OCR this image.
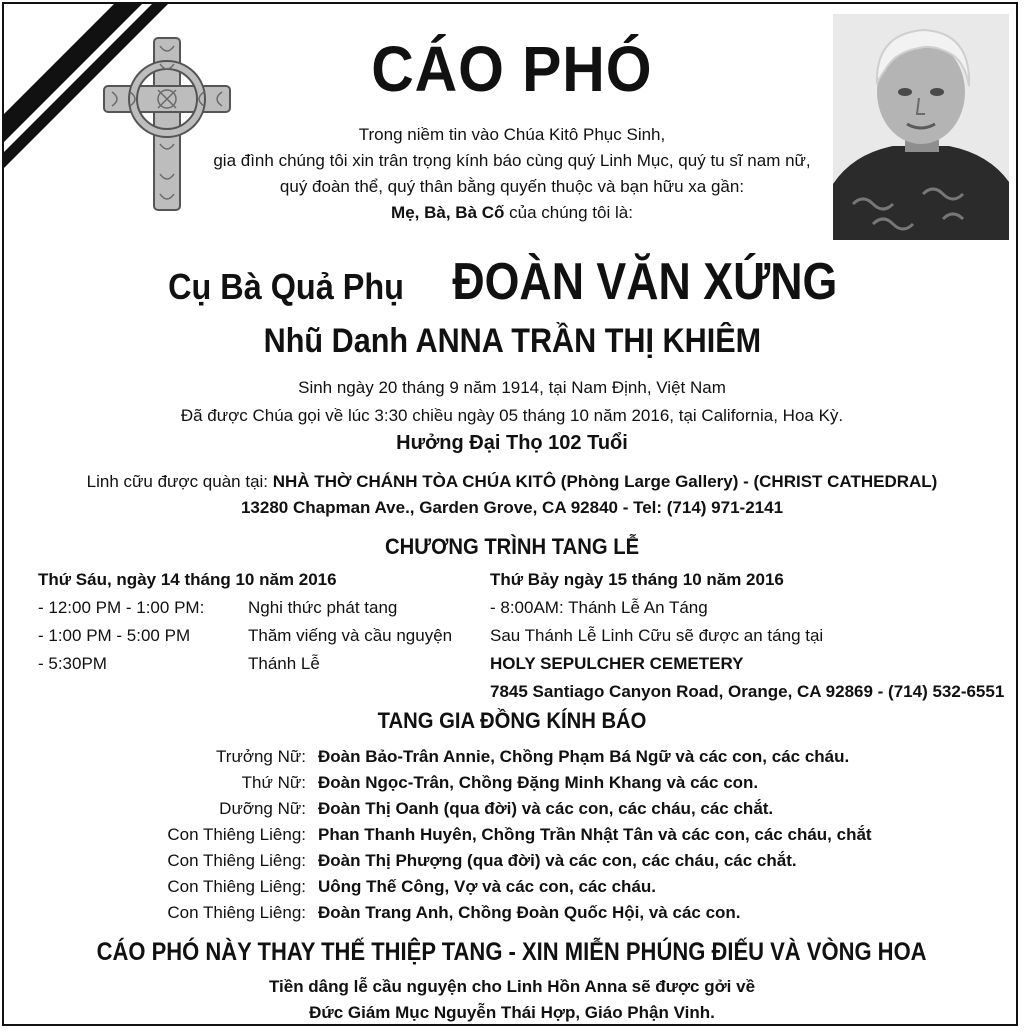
CÁO PHÓ
Trong niềm tin vào Chúa Kitô Phục Sinh,
gia đình chúng tôi xin trân trọng kính báo cùng quý Linh Mục, quý tu sĩ nam nữ,
quý đoàn thể, quý thân bằng quyến thuộc và bạn hữu xa gần:
Mẹ, Bà, Bà Cố của chúng tôi là:
Cụ Bà Quả Phụ ĐOÀN VĂN XỨNG
Nhũ Danh ANNA TRẦN THỊ KHIÊM
Sinh ngày 20 tháng 9 năm 1914, tại Nam Định, Việt Nam
Đã được Chúa gọi về lúc 3:30 chiều ngày 05 tháng 10 năm 2016, tại California, Hoa Kỳ.
Hưởng Đại Thọ 102 Tuổi
Linh cữu được quàn tại: NHÀ THỜ CHÁNH TÒA CHÚA KITÔ (Phòng Large Gallery) - (CHRIST CATHEDRAL)
13280 Chapman Ave., Garden Grove, CA 92840 - Tel: (714) 971-2141
CHƯƠNG TRÌNH TANG LỄ
Thứ Sáu, ngày 14 tháng 10 năm 2016
- 12:00 PM - 1:00 PM:	Nghi thức phát tang
- 1:00 PM - 5:00 PM	Thăm viếng và cầu nguyện
- 5:30PM	Thánh Lễ
Thứ Bảy ngày 15 tháng 10 năm 2016
- 8:00AM: Thánh Lễ An Táng
Sau Thánh Lễ Linh Cữu sẽ được an táng tại
HOLY SEPULCHER CEMETERY
7845 Santiago Canyon Road, Orange, CA 92869 - (714) 532-6551
TANG GIA ĐỒNG KÍNH BÁO
Trưởng Nữ: Đoàn Bảo-Trân Annie, Chồng Phạm Bá Ngữ và các con, các cháu.
Thứ Nữ: Đoàn Ngọc-Trân, Chồng Đặng Minh Khang và các con.
Dưỡng Nữ: Đoàn Thị Oanh (qua đời) và các con, các cháu, các chắt.
Con Thiêng Liêng: Phan Thanh Huyên, Chồng Trần Nhật Tân và các con, các cháu, chắt
Con Thiêng Liêng: Đoàn Thị Phượng (qua đời) và các con, các cháu, các chắt.
Con Thiêng Liêng: Uông Thế Công, Vợ và các con, các cháu.
Con Thiêng Liêng: Đoàn Trang Anh, Chồng Đoàn Quốc Hội, và các con.
CÁO PHÓ NÀY THAY THẾ THIỆP TANG - XIN MIỄN PHÚNG ĐIẾU VÀ VÒNG HOA
Tiền dâng lễ cầu nguyện cho Linh Hồn Anna sẽ được gởi về
Đức Giám Mục Nguyễn Thái Hợp, Giáo Phận Vinh.
